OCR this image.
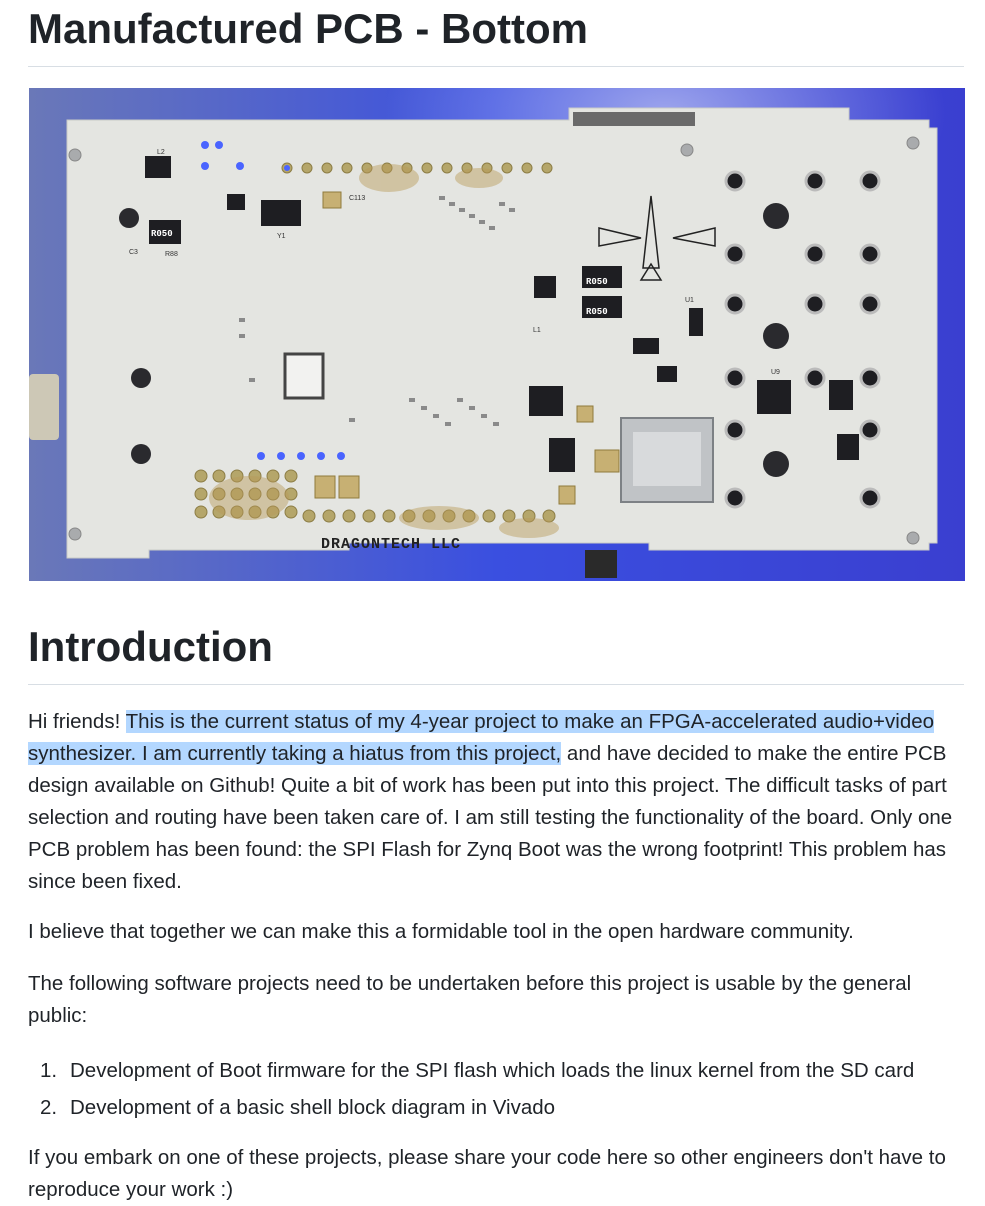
Manufactured PCB - Bottom
R050
R050
R050
Y1
U1
U9
L2
L1
C113
C3	R88
DRAGONTECH LLC
Introduction

Hi friends! This is the current status of my 4-year project to make an FPGA-accelerated audio+video synthesizer. I am currently taking a hiatus from this project, and have decided to make the entire PCB design available on Github! Quite a bit of work has been put into this project. The difficult tasks of part selection and routing have been taken care of. I am still testing the functionality of the board. Only one PCB problem has been found: the SPI Flash for Zynq Boot was the wrong footprint! This problem has since been fixed.

I believe that together we can make this a formidable tool in the open hardware community.

The following software projects need to be undertaken before this project is usable by the general public:

1. Development of Boot firmware for the SPI flash which loads the linux kernel from the SD card
2. Development of a basic shell block diagram in Vivado

If you embark on one of these projects, please share your code here so other engineers don't have to reproduce your work :)
